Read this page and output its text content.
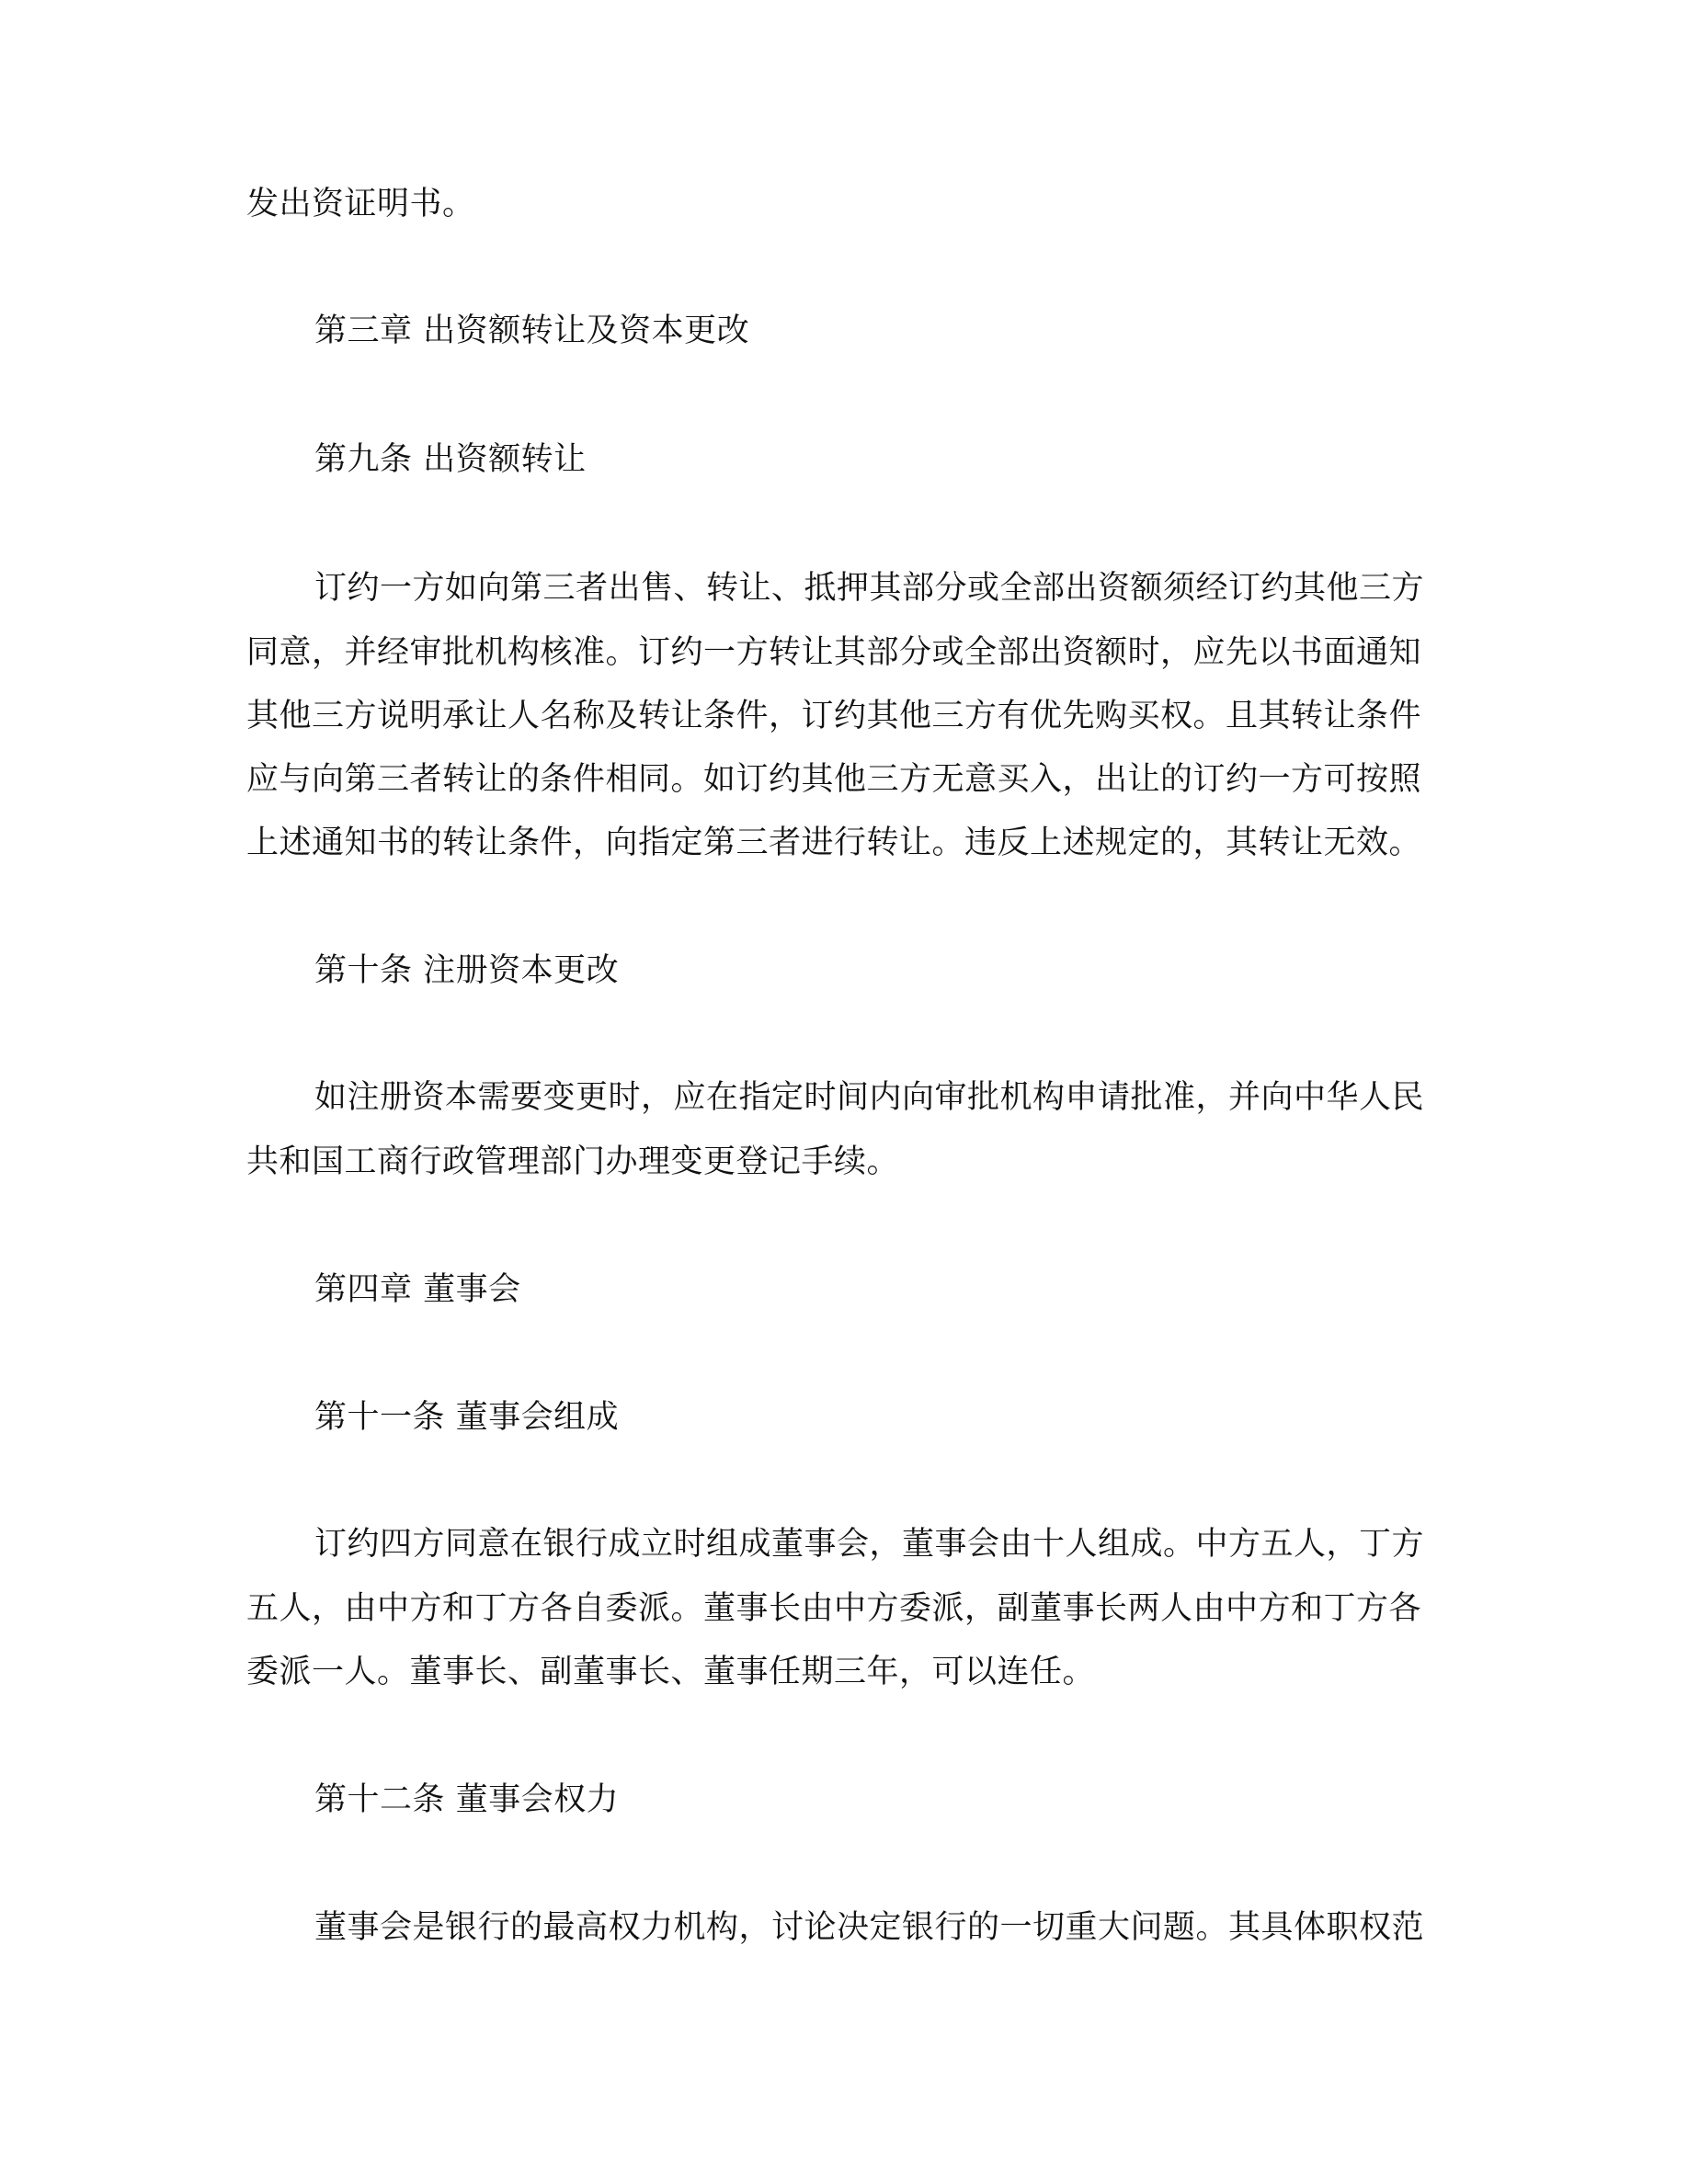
发出资证明书。
第三章 出资额转让及资本更改
第九条 出资额转让
订约一方如向第三者出售、转让、抵押其部分或全部出资额须经订约其他三方
同意，并经审批机构核准。订约一方转让其部分或全部出资额时，应先以书面通知
其他三方说明承让人名称及转让条件，订约其他三方有优先购买权。且其转让条件
应与向第三者转让的条件相同。如订约其他三方无意买入，出让的订约一方可按照
上述通知书的转让条件，向指定第三者进行转让。违反上述规定的，其转让无效。
第十条 注册资本更改
如注册资本需要变更时，应在指定时间内向审批机构申请批准，并向中华人民
共和国工商行政管理部门办理变更登记手续。
第四章 董事会
第十一条 董事会组成
订约四方同意在银行成立时组成董事会，董事会由十人组成。中方五人，丁方
五人，由中方和丁方各自委派。董事长由中方委派，副董事长两人由中方和丁方各
委派一人。董事长、副董事长、董事任期三年，可以连任。
第十二条 董事会权力
董事会是银行的最高权力机构，讨论决定银行的一切重大问题。其具体职权范
